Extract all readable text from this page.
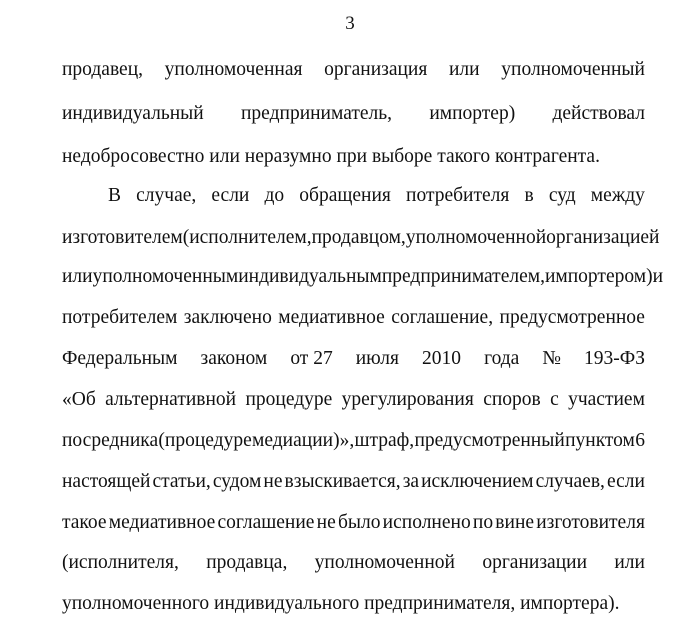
3
продавец, уполномоченная организация или уполномоченный
индивидуальный предприниматель, импортер) действовал
недобросовестно или неразумно при выборе такого контрагента.
В случае, если до обращения потребителя в суд между
изготовителем (исполнителем, продавцом, уполномоченной организацией
или уполномоченным индивидуальным предпринимателем, импортером) и
потребителем заключено медиативное соглашение, предусмотренное
Федеральным законом от 27 июля 2010 года № 193-ФЗ
«Об альтернативной процедуре урегулирования споров с участием
посредника (процедуре медиации)», штраф, предусмотренный пунктом 6
настоящей статьи, судом не взыскивается, за исключением случаев, если
такое медиативное соглашение не было исполнено по вине изготовителя
(исполнителя, продавца, уполномоченной организации или
уполномоченного индивидуального предпринимателя, импортера).
